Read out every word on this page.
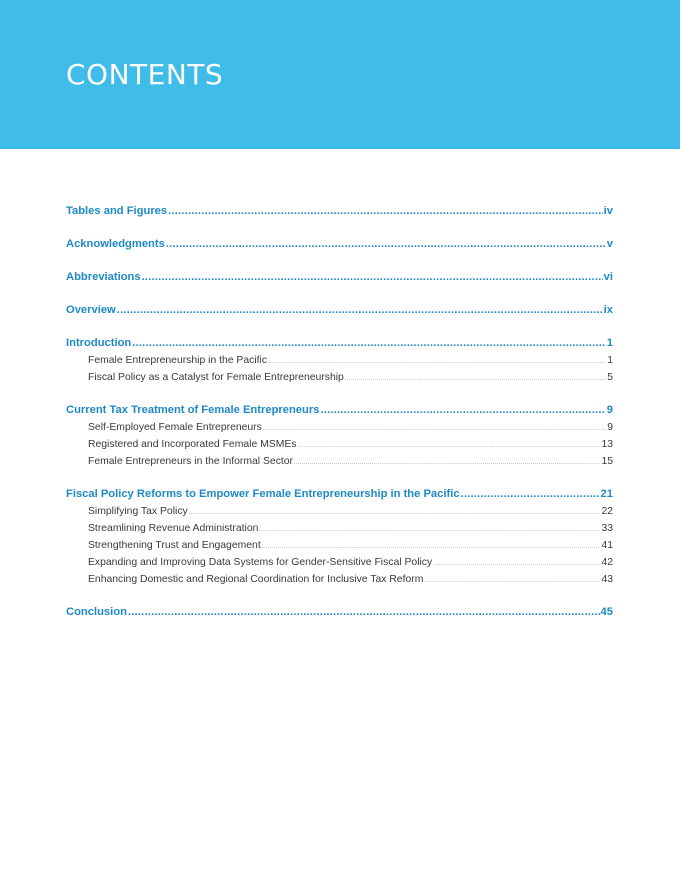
CONTENTS
Tables and Figures .....	iv
Acknowledgments .....	v
Abbreviations .....	vi
Overview .....	ix
Introduction .....	1
Female Entrepreneurship in the Pacific .....	1
Fiscal Policy as a Catalyst for Female Entrepreneurship .....	5
Current Tax Treatment of Female Entrepreneurs .....	9
Self-Employed Female Entrepreneurs .....	9
Registered and Incorporated Female MSMEs .....	13
Female Entrepreneurs in the Informal Sector .....	15
Fiscal Policy Reforms to Empower Female Entrepreneurship in the Pacific .....	21
Simplifying Tax Policy .....	22
Streamlining Revenue Administration .....	33
Strengthening Trust and Engagement .....	41
Expanding and Improving Data Systems for Gender-Sensitive Fiscal Policy .....	42
Enhancing Domestic and Regional Coordination for Inclusive Tax Reform .....	43
Conclusion .....	45
